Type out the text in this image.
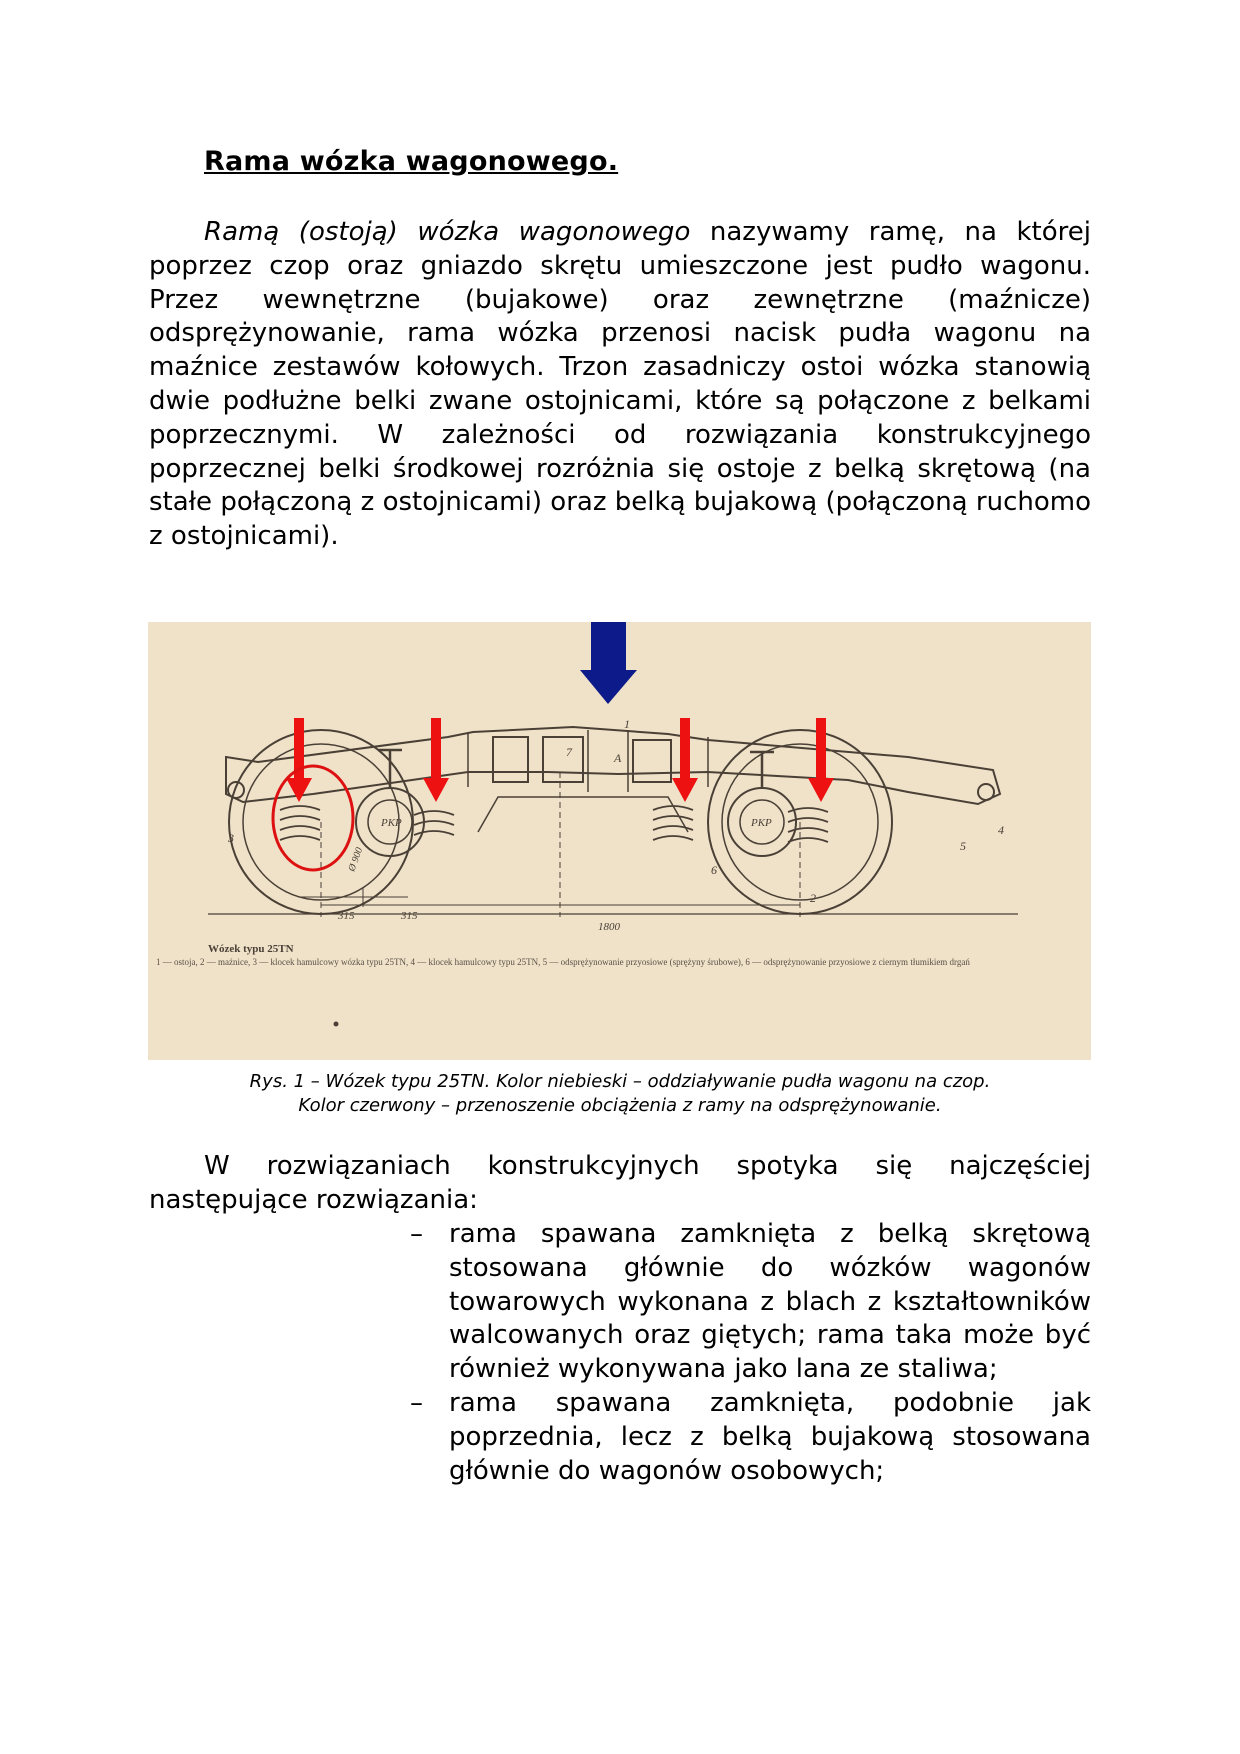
Rama wózka wagonowego.

Ramą (ostoją) wózka wagonowego nazywamy ramę, na której poprzez czop oraz gniazdo skrętu umieszczone jest pudło wagonu. Przez wewnętrzne (bujakowe) oraz zewnętrzne (maźnicze) odsprężynowanie, rama wózka przenosi nacisk pudła wagonu na maźnice zestawów kołowych. Trzon zasadniczy ostoi wózka stanowią dwie podłużne belki zwane ostojnicami, które są połączone z belkami poprzecznymi. W zależności od rozwiązania konstrukcyjnego poprzecznej belki środkowej rozróżnia się ostoje z belką skrętową (na stałe połączoną z ostojnicami) oraz belką bujakową (połączoną ruchomo z ostojnicami).

1
2
3
4
5
6
7	A
PKP	PKP
315	315
1800
Ø 900
Wózek typu 25TN
1 — ostoja, 2 — maźnice, 3 — klocek hamulcowy wózka typu 25TN, 4 — klocek hamulcowy typu 25TN, 5 — odsprężynowanie przyosiowe (sprężyny śrubowe), 6 — odsprężynowanie przyosiowe z ciernym tłumikiem drgań

Rys. 1 – Wózek typu 25TN. Kolor niebieski – oddziaływanie pudła wagonu na czop.
Kolor czerwony – przenoszenie obciążenia z ramy na odsprężynowanie.

W rozwiązaniach konstrukcyjnych spotyka się najczęściej następujące rozwiązania:

– rama spawana zamknięta z belką skrętową stosowana głównie do wózków wagonów towarowych wykonana z blach z kształtowników walcowanych oraz giętych; rama taka może być również wykonywana jako lana ze staliwa;
– rama spawana zamknięta, podobnie jak poprzednia, lecz z belką bujakową stosowana głównie do wagonów osobowych;
